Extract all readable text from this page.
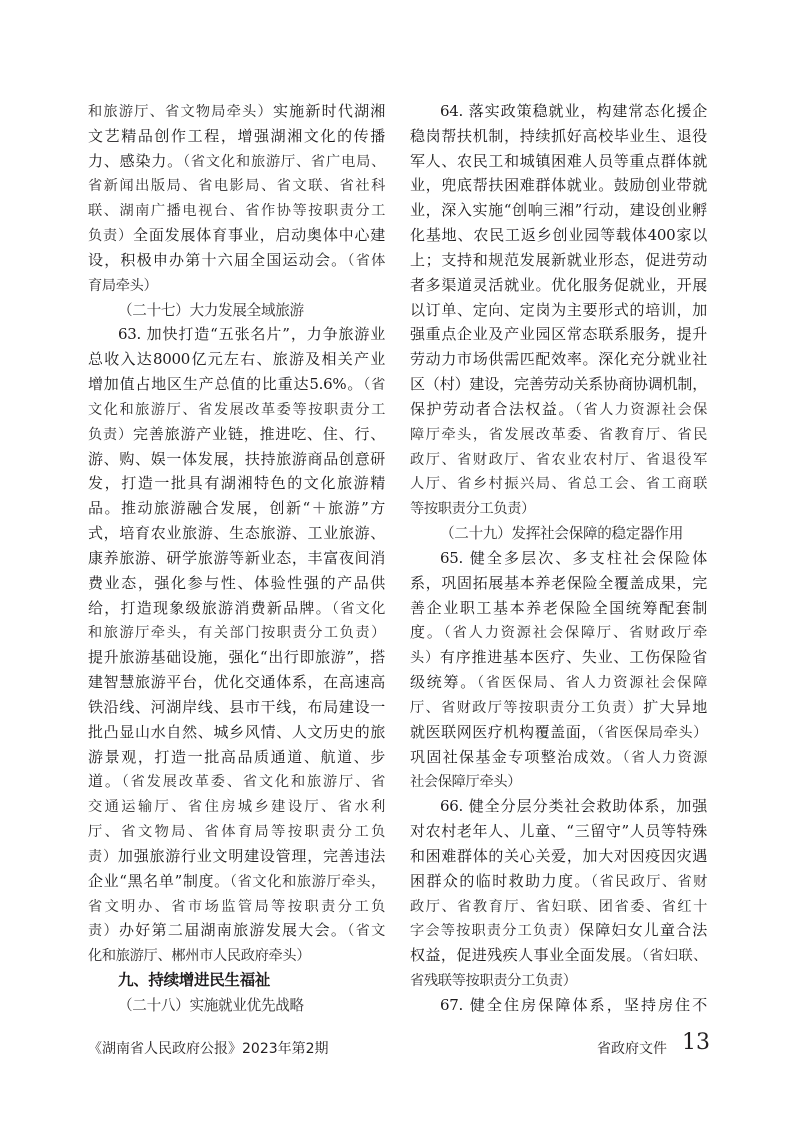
和旅游厅、省文物局牵头）实施新时代湖湘
文艺精品创作工程，增强湖湘文化的传播
力、感染力。（省文化和旅游厅、省广电局、
省新闻出版局、省电影局、省文联、省社科
联、湖南广播电视台、省作协等按职责分工
负责）全面发展体育事业，启动奥体中心建
设，积极申办第十六届全国运动会。（省体
育局牵头）
（二十七）大力发展全域旅游
63. 加快打造“五张名片”，力争旅游业
总收入达8000亿元左右、旅游及相关产业
增加值占地区生产总值的比重达5.6%。（省
文化和旅游厅、省发展改革委等按职责分工
负责）完善旅游产业链，推进吃、住、行、
游、购、娱一体发展，扶持旅游商品创意研
发，打造一批具有湖湘特色的文化旅游精
品。推动旅游融合发展，创新“＋旅游”方
式，培育农业旅游、生态旅游、工业旅游、
康养旅游、研学旅游等新业态，丰富夜间消
费业态，强化参与性、体验性强的产品供
给，打造现象级旅游消费新品牌。（省文化
和旅游厅牵头，有关部门按职责分工负责）
提升旅游基础设施，强化“出行即旅游”，搭
建智慧旅游平台，优化交通体系，在高速高
铁沿线、河湖岸线、县市干线，布局建设一
批凸显山水自然、城乡风情、人文历史的旅
游景观，打造一批高品质通道、航道、步
道。（省发展改革委、省文化和旅游厅、省
交通运输厅、省住房城乡建设厅、省水利
厅、省文物局、省体育局等按职责分工负
责）加强旅游行业文明建设管理，完善违法
企业“黑名单”制度。（省文化和旅游厅牵头，
省文明办、省市场监管局等按职责分工负
责）办好第二届湖南旅游发展大会。（省文
化和旅游厅、郴州市人民政府牵头）
九、持续增进民生福祉
（二十八）实施就业优先战略
64. 落实政策稳就业，构建常态化援企
稳岗帮扶机制，持续抓好高校毕业生、退役
军人、农民工和城镇困难人员等重点群体就
业，兜底帮扶困难群体就业。鼓励创业带就
业，深入实施“创响三湘”行动，建设创业孵
化基地、农民工返乡创业园等载体400家以
上；支持和规范发展新就业形态，促进劳动
者多渠道灵活就业。优化服务促就业，开展
以订单、定向、定岗为主要形式的培训，加
强重点企业及产业园区常态联系服务，提升
劳动力市场供需匹配效率。深化充分就业社
区（村）建设，完善劳动关系协商协调机制，
保护劳动者合法权益。（省人力资源社会保
障厅牵头，省发展改革委、省教育厅、省民
政厅、省财政厅、省农业农村厅、省退役军
人厅、省乡村振兴局、省总工会、省工商联
等按职责分工负责）
（二十九）发挥社会保障的稳定器作用
65. 健全多层次、多支柱社会保险体
系，巩固拓展基本养老保险全覆盖成果，完
善企业职工基本养老保险全国统筹配套制
度。（省人力资源社会保障厅、省财政厅牵
头）有序推进基本医疗、失业、工伤保险省
级统筹。（省医保局、省人力资源社会保障
厅、省财政厅等按职责分工负责）扩大异地
就医联网医疗机构覆盖面，（省医保局牵头）
巩固社保基金专项整治成效。（省人力资源
社会保障厅牵头）
66. 健全分层分类社会救助体系，加强
对农村老年人、儿童、“三留守”人员等特殊
和困难群体的关心关爱，加大对因疫因灾遇
困群众的临时救助力度。（省民政厅、省财
政厅、省教育厅、省妇联、团省委、省红十
字会等按职责分工负责）保障妇女儿童合法
权益，促进残疾人事业全面发展。（省妇联、
省残联等按职责分工负责）
67. 健全住房保障体系，坚持房住不
《湖南省人民政府公报》2023年第2期	省政府文件 13
